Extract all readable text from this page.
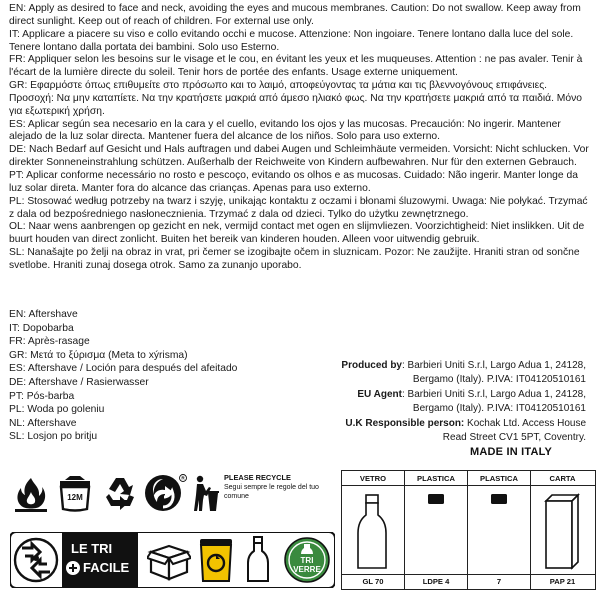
EN: Apply as desired to face and neck, avoiding the eyes and mucous membranes. Caution: Do not swallow. Keep away from direct sunlight. Keep out of reach of children. For external use only.

IT: Applicare a piacere su viso e collo evitando occhi e mucose. Attenzione: Non ingoiare. Tenere lontano dalla luce del sole. Tenere lontano dalla portata dei bambini. Solo uso Esterno.

FR: Appliquer selon les besoins sur le visage et le cou, en évitant les yeux et les muqueuses. Attention : ne pas avaler. Tenir à l'écart de la lumière directe du soleil. Tenir hors de portée des enfants. Usage externe uniquement.

GR: Εφαρμόστε όπως επιθυμείτε στο πρόσωπο και το λαιμό, αποφεύγοντας τα μάτια και τις βλεννογόνους επιφάνειες. Προσοχή: Να μην καταπίετε. Να την κρατήσετε μακριά από άμεσο ηλιακό φως. Να την κρατήσετε μακριά από τα παιδιά. Μόνο για εξωτερική χρήση.

ES: Aplicar según sea necesario en la cara y el cuello, evitando los ojos y las mucosas. Precaución: No ingerir. Mantener alejado de la luz solar directa. Mantener fuera del alcance de los niños. Solo para uso externo.

DE: Nach Bedarf auf Gesicht und Hals auftragen und dabei Augen und Schleimhäute vermeiden. Vorsicht: Nicht schlucken. Vor direkter Sonneneinstrahlung schützen. Außerhalb der Reichweite von Kindern aufbewahren. Nur für den externen Gebrauch.

PT: Aplicar conforme necessário no rosto e pescoço, evitando os olhos e as mucosas. Cuidado: Não ingerir. Manter longe da luz solar direta. Manter fora do alcance das crianças. Apenas para uso externo.

PL: Stosować według potrzeby na twarz i szyję, unikając kontaktu z oczami i błonami śluzowymi. Uwaga: Nie połykać. Trzymać z dala od bezpośredniego nasłonecznienia. Trzymać z dala od dzieci. Tylko do użytku zewnętrznego.

OL: Naar wens aanbrengen op gezicht en nek, vermijd contact met ogen en slijmvliezen. Voorzichtigheid: Niet inslikken. Uit de buurt houden van direct zonlicht. Buiten het bereik van kinderen houden. Alleen voor uitwendig gebruik.

SL: Nanašajte po želji na obraz in vrat, pri čemer se izogibajte očem in sluznicam. Pozor: Ne zaužijte. Hraniti stran od sončne svetlobe. Hraniti zunaj dosega otrok. Samo za zunanjo uporabo.

EN: Aftershave

IT: Dopobarba

FR: Après-rasage

GR: Μετά το ξύρισμα (Meta to xýrisma)

ES: Aftershave / Loción para después del afeitado

DE: Aftershave / Rasierwasser

PT: Pós-barba

PL: Woda po goleniu

NL: Aftershave

SL: Losjon po britju

Produced by: Barbieri Uniti S.r.l, Largo Adua 1, 24128,

Bergamo (Italy). P.IVA: IT04120510161

EU Agent: Barbieri Uniti S.r.l, Largo Adua 1, 24128,

Bergamo (Italy). P.IVA: IT04120510161

U.K Responsible person: Kochak Ltd. Access House

Read Street CV1 5PT, Coventry.

MADE IN ITALY
12M
R	PLEASE RECYCLE
Segui sempre le regole del tuo comune
LE TRI
FACILE	TRI
VERRE
VETRO
GL 70
PLASTICA
LDPE 4
PLASTICA
7
CARTA
PAP 21
